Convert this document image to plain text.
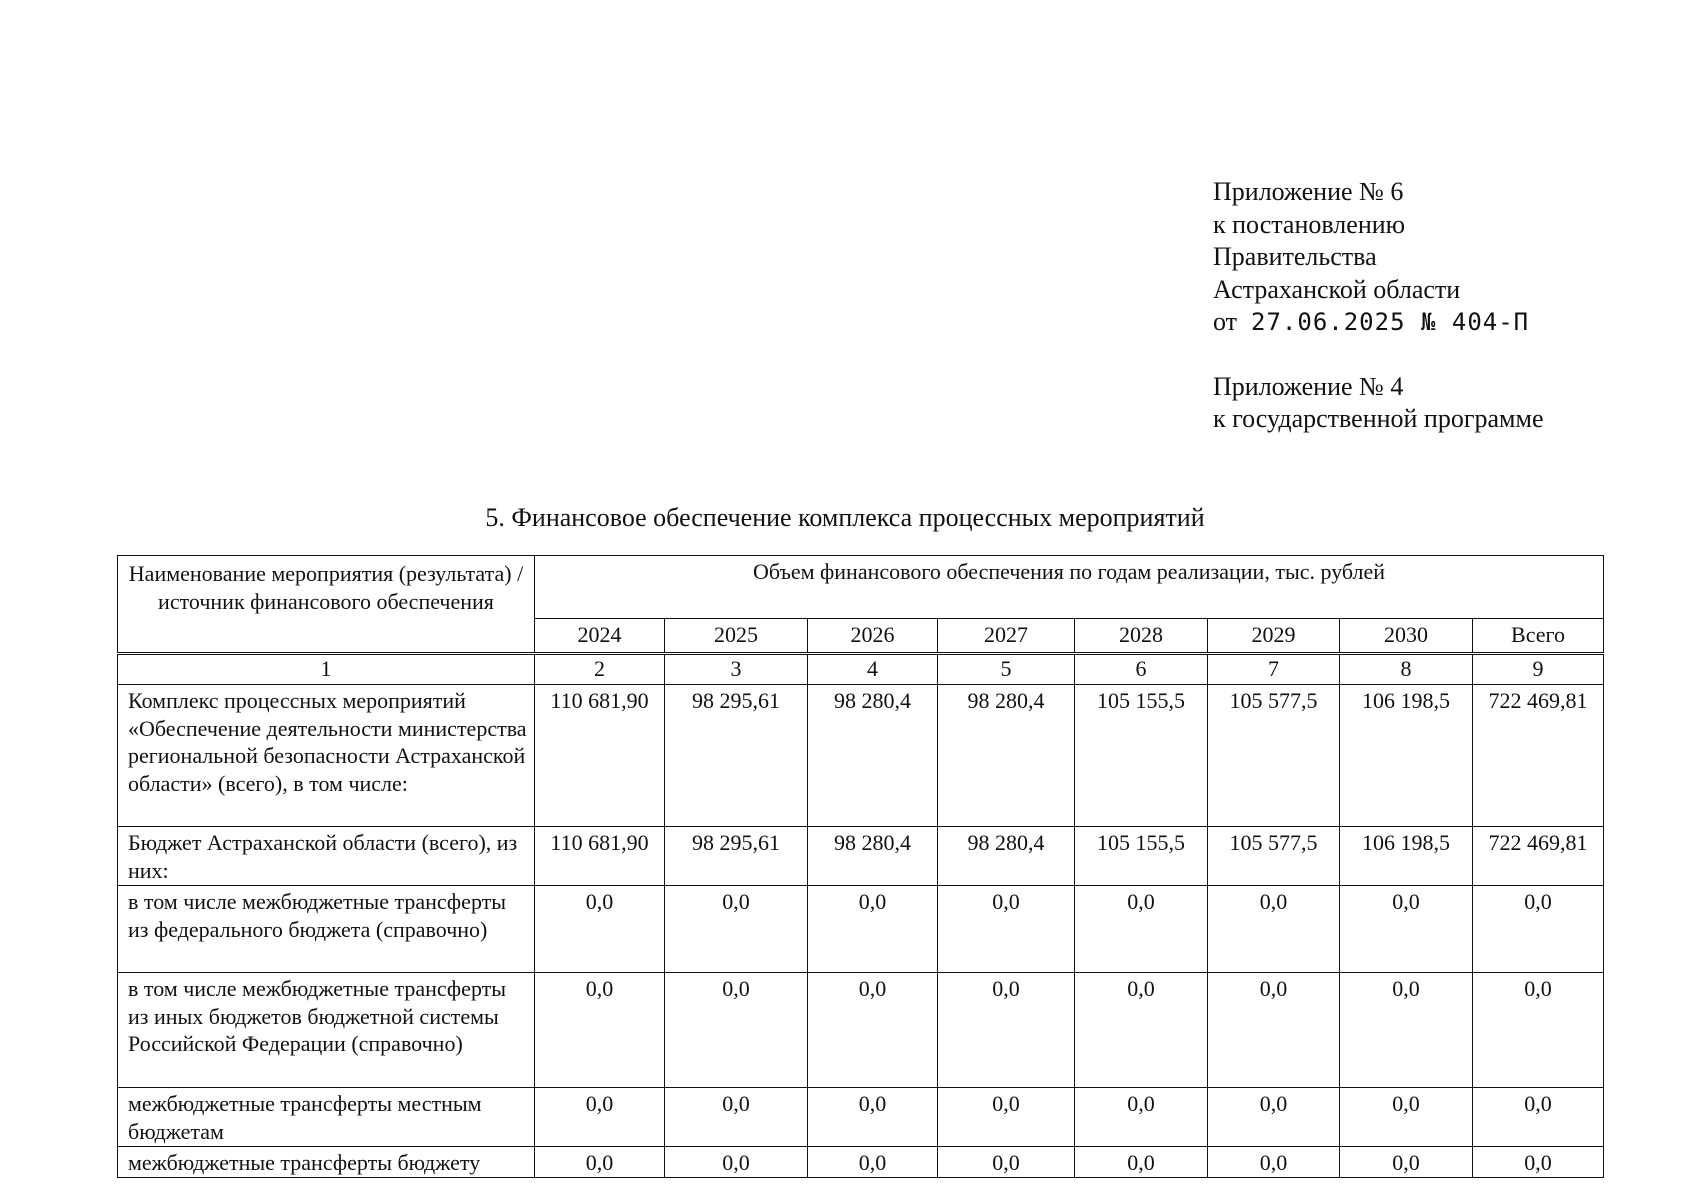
Приложение № 6
к постановлению
Правительства
Астраханской области
от 27.06.2025 № 404-П
Приложение № 4
к государственной программе
5. Финансовое обеспечение комплекса процессных мероприятий
Наименование мероприятия (результата) / источник финансового обеспечения	Объем финансового обеспечения по годам реализации, тыс. рублей							
	2024	2025	2026	2027	2028	2029	2030	Всего
1	2	3	4	5	6	7	8	9
Комплекс процессных мероприятий «Обеспечение деятельности министерства региональной безопасности Астраханской области» (всего), в том числе:	110 681,90	98 295,61	98 280,4	98 280,4	105 155,5	105 577,5	106 198,5	722 469,81
Бюджет Астраханской области (всего), из них:	110 681,90	98 295,61	98 280,4	98 280,4	105 155,5	105 577,5	106 198,5	722 469,81
в том числе межбюджетные трансферты из федерального бюджета (справочно)	0,0	0,0	0,0	0,0	0,0	0,0	0,0	0,0
в том числе межбюджетные трансферты из иных бюджетов бюджетной системы Российской Федерации (справочно)	0,0	0,0	0,0	0,0	0,0	0,0	0,0	0,0
межбюджетные трансферты местным бюджетам	0,0	0,0	0,0	0,0	0,0	0,0	0,0	0,0
межбюджетные трансферты бюджету	0,0	0,0	0,0	0,0	0,0	0,0	0,0	0,0
